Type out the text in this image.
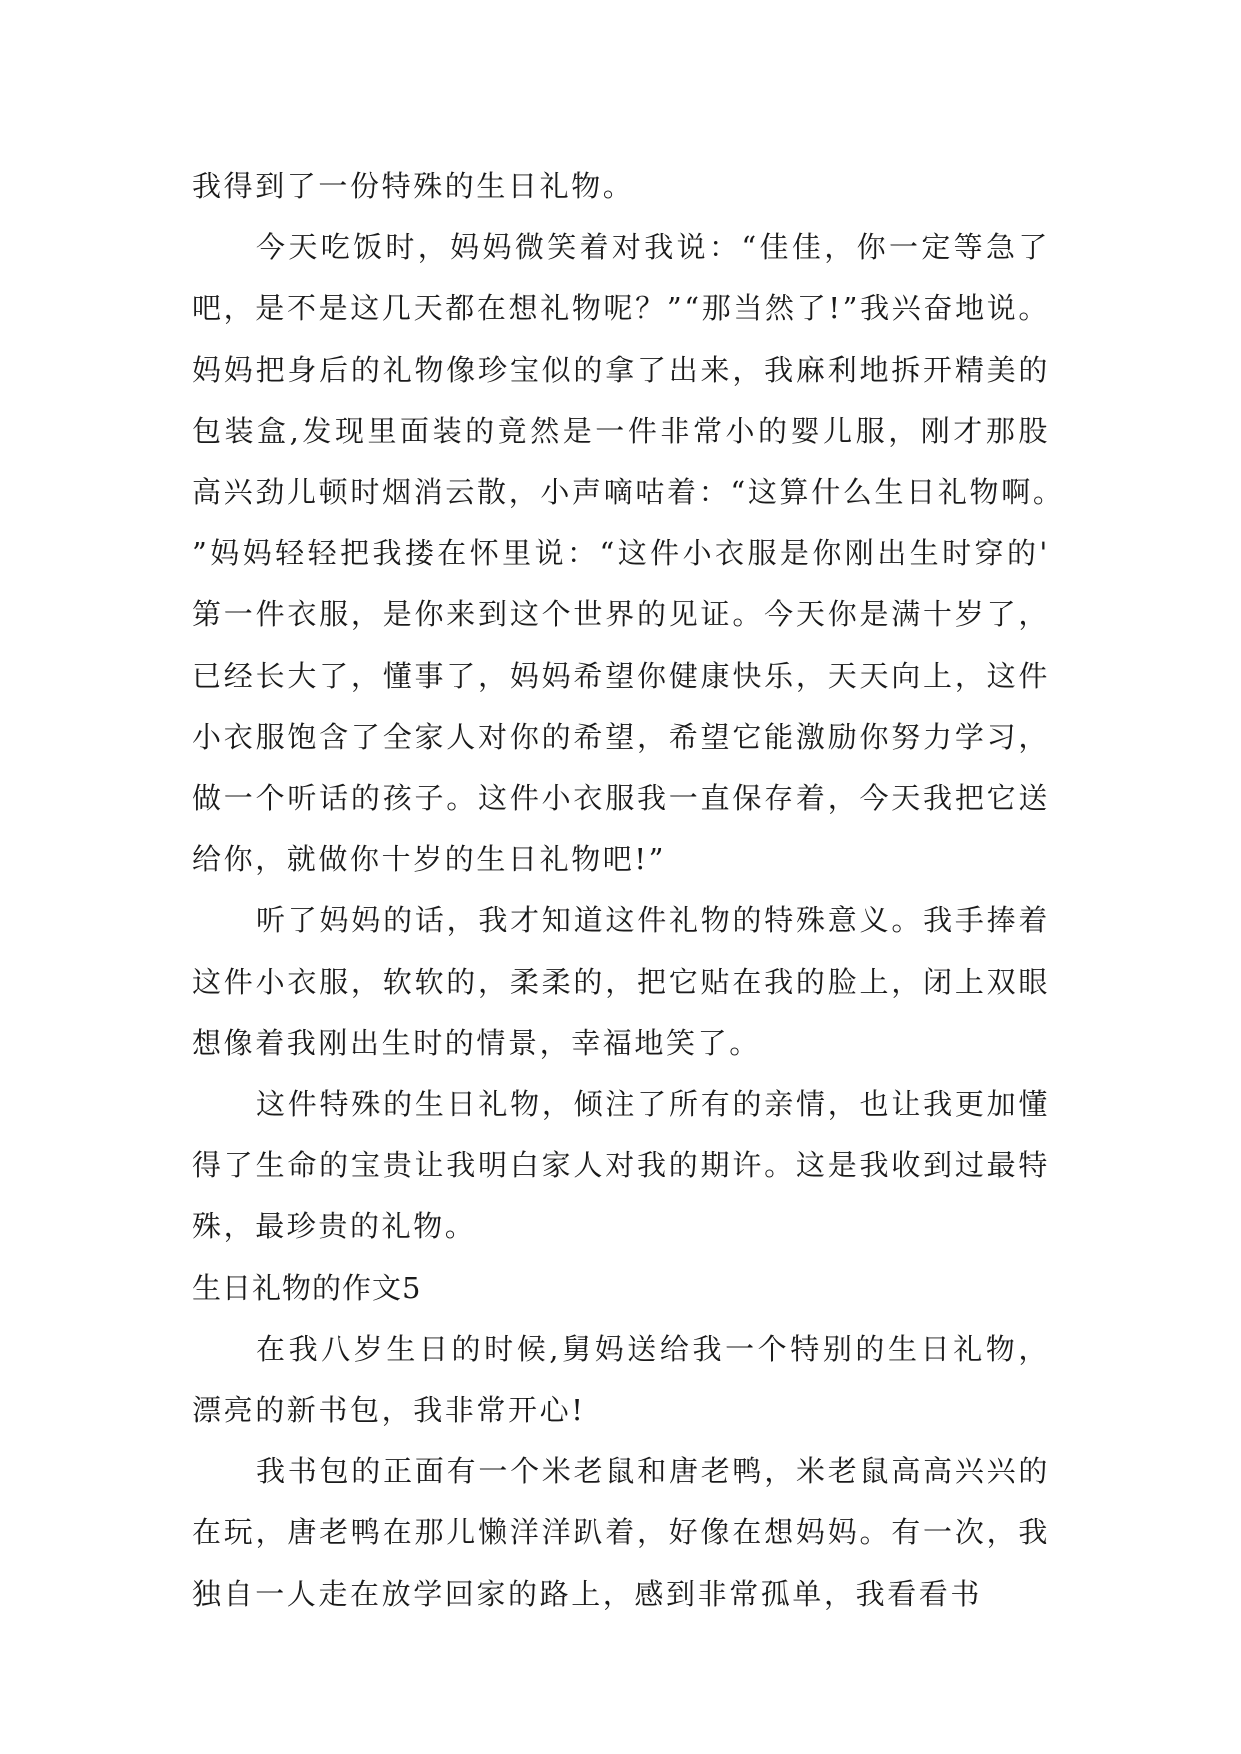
我得到了一份特殊的生日礼物。

今天吃饭时，妈妈微笑着对我说：“佳佳，你一定等急了吧，是不是这几天都在想礼物呢？”“那当然了!”我兴奋地说。妈妈把身后的礼物像珍宝似的拿了出来，我麻利地拆开精美的包装盒,发现里面装的竟然是一件非常小的婴儿服，刚才那股高兴劲儿顿时烟消云散，小声嘀咕着：“这算什么生日礼物啊。”妈妈轻轻把我搂在怀里说：“这件小衣服是你刚出生时穿的'第一件衣服，是你来到这个世界的见证。今天你是满十岁了，已经长大了，懂事了，妈妈希望你健康快乐，天天向上，这件小衣服饱含了全家人对你的希望，希望它能激励你努力学习，做一个听话的孩子。这件小衣服我一直保存着，今天我把它送给你，就做你十岁的生日礼物吧!”

听了妈妈的话，我才知道这件礼物的特殊意义。我手捧着这件小衣服，软软的，柔柔的，把它贴在我的脸上，闭上双眼想像着我刚出生时的情景，幸福地笑了。

这件特殊的生日礼物，倾注了所有的亲情，也让我更加懂得了生命的宝贵让我明白家人对我的期许。这是我收到过最特殊，最珍贵的礼物。

生日礼物的作文5

在我八岁生日的时候,舅妈送给我一个特别的生日礼物，漂亮的新书包，我非常开心!

我书包的正面有一个米老鼠和唐老鸭，米老鼠高高兴兴的在玩，唐老鸭在那儿懒洋洋趴着，好像在想妈妈。有一次，我独自一人走在放学回家的路上，感到非常孤单，我看看书
